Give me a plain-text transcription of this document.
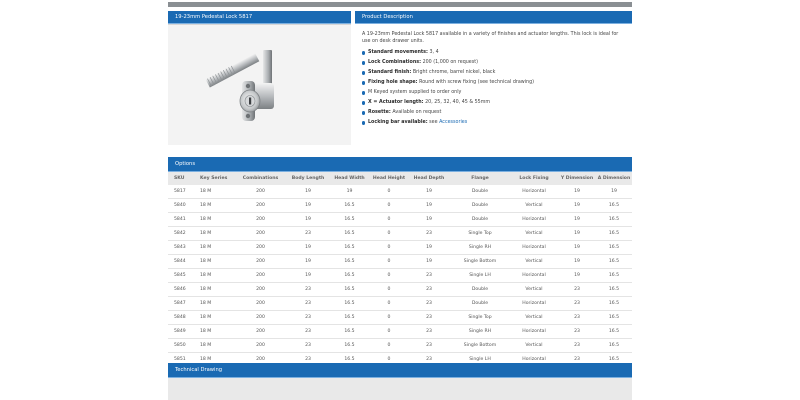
19-23mm Pedestal Lock 5817	Product Description

A 19-23mm Pedestal Lock 5817 available in a variety of finishes and actuator lengths. This lock is ideal for use on desk drawer units.

Standard movements: 3, 4
Lock Combinations: 200 (1,000 on request)
Standard finish: Bright chrome, barrel nickel, black
Fixing hole shape: Round with screw fixing (see technical drawing)
M Keyed system supplied to order only
X = Actuator length: 20, 25, 32, 40, 45 & 55mm
Rosette: Available on request
Locking bar available: see Accessories
Options
SKU	Key Series	Combinations	Body Length	Head Width	Head Height	Head Depth	Flange	Lock Fixing	Y Dimension	A Dimension
5817	18 M	200	19	19	0	19	Double	Horizontal	19	19
5840	18 M	200	19	16.5	0	19	Double	Vertical	19	16.5
5841	18 M	200	19	16.5	0	19	Double	Horizontal	19	16.5
5842	18 M	200	23	16.5	0	23	Single Top	Vertical	19	16.5
5843	18 M	200	19	16.5	0	19	Single RH	Horizontal	19	16.5
5844	18 M	200	19	16.5	0	19	Single Bottom	Vertical	19	16.5
5845	18 M	200	19	16.5	0	23	Single LH	Horizontal	19	16.5
5846	18 M	200	23	16.5	0	23	Double	Vertical	23	16.5
5847	18 M	200	23	16.5	0	23	Double	Horizontal	23	16.5
5848	18 M	200	23	16.5	0	23	Single Top	Vertical	23	16.5
5849	18 M	200	23	16.5	0	23	Single RH	Horizontal	23	16.5
5850	18 M	200	23	16.5	0	23	Single Bottom	Vertical	23	16.5
5851	18 M	200	23	16.5	0	23	Single LH	Horizontal	23	16.5
Technical Drawing
